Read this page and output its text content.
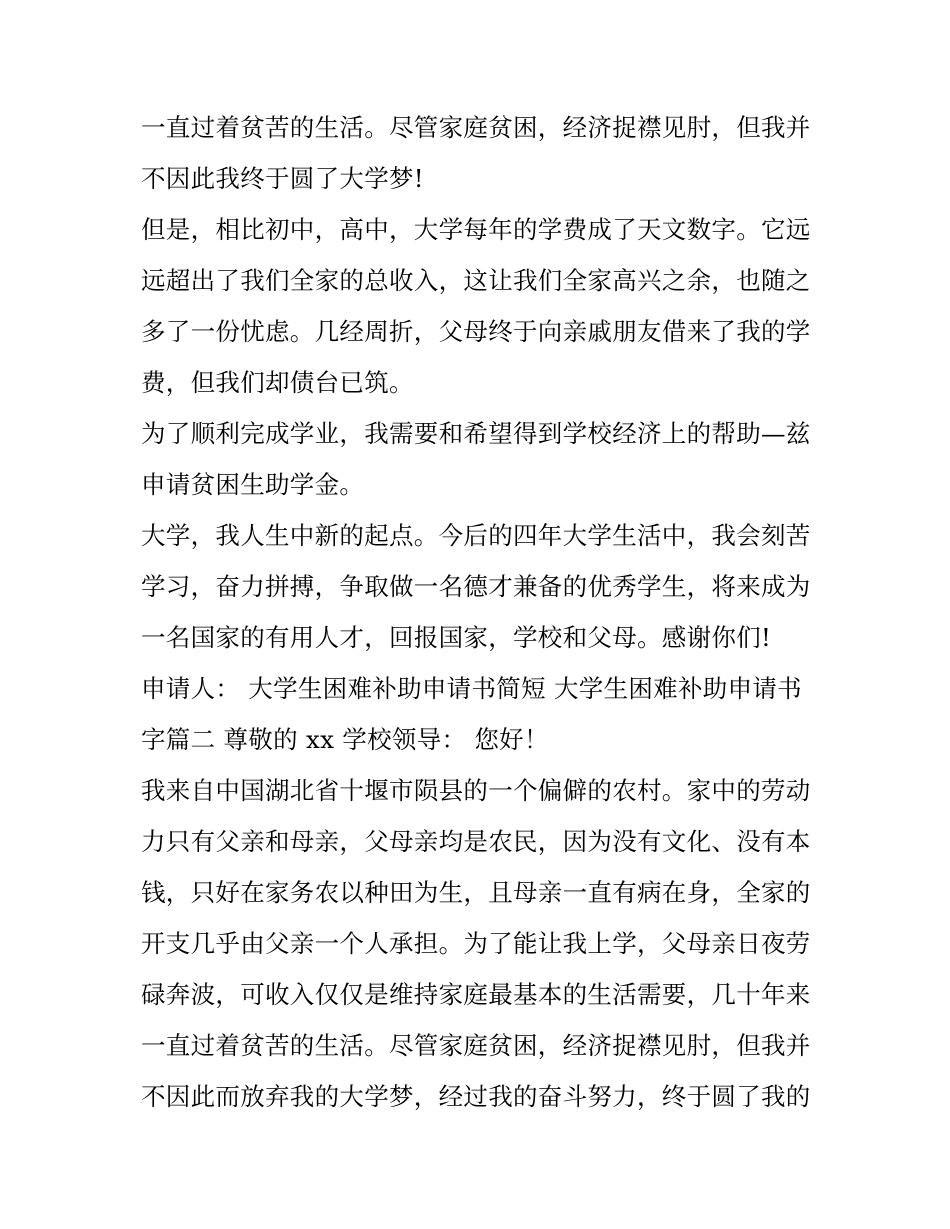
一直过着贫苦的生活。尽管家庭贫困，经济捉襟见肘，但我并
不因此我终于圆了大学梦!
但是，相比初中，高中，大学每年的学费成了天文数字。它远
远超出了我们全家的总收入，这让我们全家高兴之余，也随之
多了一份忧虑。几经周折，父母终于向亲戚朋友借来了我的学
费，但我们却债台已筑。
为了顺利完成学业，我需要和希望得到学校经济上的帮助—兹
申请贫困生助学金。
大学，我人生中新的起点。今后的四年大学生活中，我会刻苦
学习，奋力拼搏，争取做一名德才兼备的优秀学生，将来成为
一名国家的有用人才，回报国家，学校和父母。感谢你们!
申请人： 大学生困难补助申请书简短 大学生困难补助申请书
字篇二 尊敬的 xx 学校领导： 您好！
我来自中国湖北省十堰市陨县的一个偏僻的农村。家中的劳动
力只有父亲和母亲，父母亲均是农民，因为没有文化、没有本
钱，只好在家务农以种田为生，且母亲一直有病在身，全家的
开支几乎由父亲一个人承担。为了能让我上学，父母亲日夜劳
碌奔波，可收入仅仅是维持家庭最基本的生活需要，几十年来
一直过着贫苦的生活。尽管家庭贫困，经济捉襟见肘，但我并
不因此而放弃我的大学梦，经过我的奋斗努力，终于圆了我的
